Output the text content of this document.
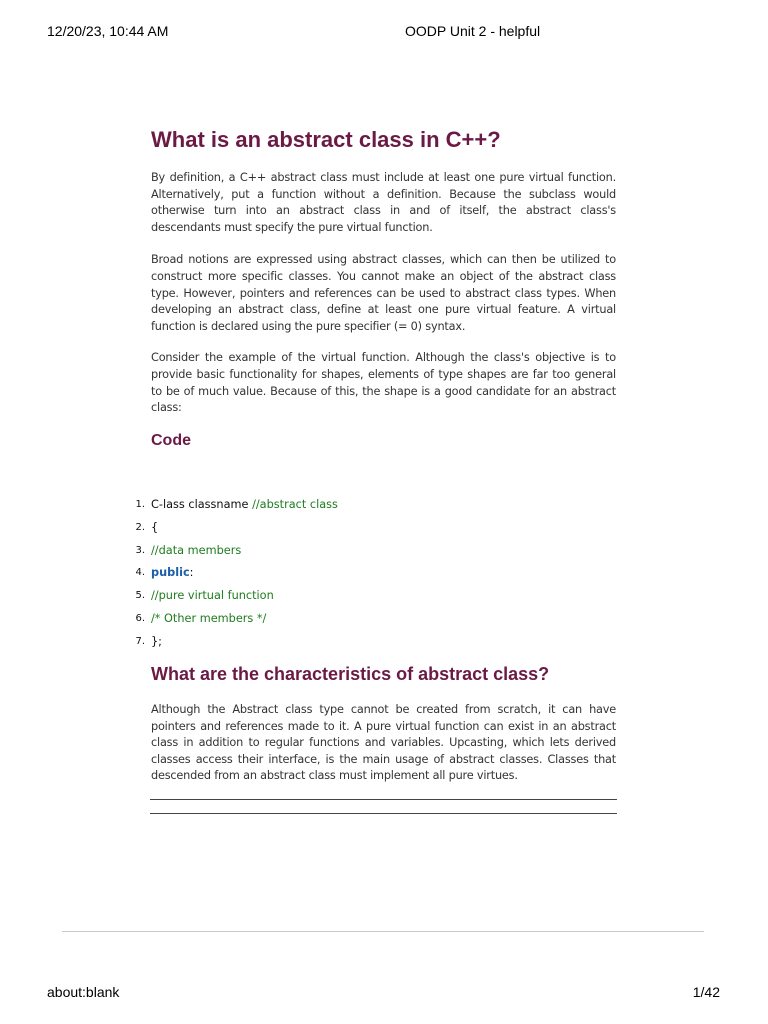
12/20/23, 10:44 AM	OODP Unit 2 - helpful
What is an abstract class in C++?

By definition, a C++ abstract class must include at least one pure virtual function. Alternatively, put a function without a definition. Because the subclass would otherwise turn into an abstract class in and of itself, the abstract class's descendants must specify the pure virtual function.

Broad notions are expressed using abstract classes, which can then be utilized to construct more specific classes. You cannot make an object of the abstract class type. However, pointers and references can be used to abstract class types. When developing an abstract class, define at least one pure virtual feature. A virtual function is declared using the pure specifier (= 0) syntax.

Consider the example of the virtual function. Although the class's objective is to provide basic functionality for shapes, elements of type shapes are far too general to be of much value. Because of this, the shape is a good candidate for an abstract class:

Code
1. C-lass classname //abstract class
2. {
3. //data members
4. public:
5. //pure virtual function
6. /* Other members */
7. };
What are the characteristics of abstract class?

Although the Abstract class type cannot be created from scratch, it can have pointers and references made to it. A pure virtual function can exist in an abstract class in addition to regular functions and variables. Upcasting, which lets derived classes access their interface, is the main usage of abstract classes. Classes that descended from an abstract class must implement all pure virtues.

about:blank	1/42
